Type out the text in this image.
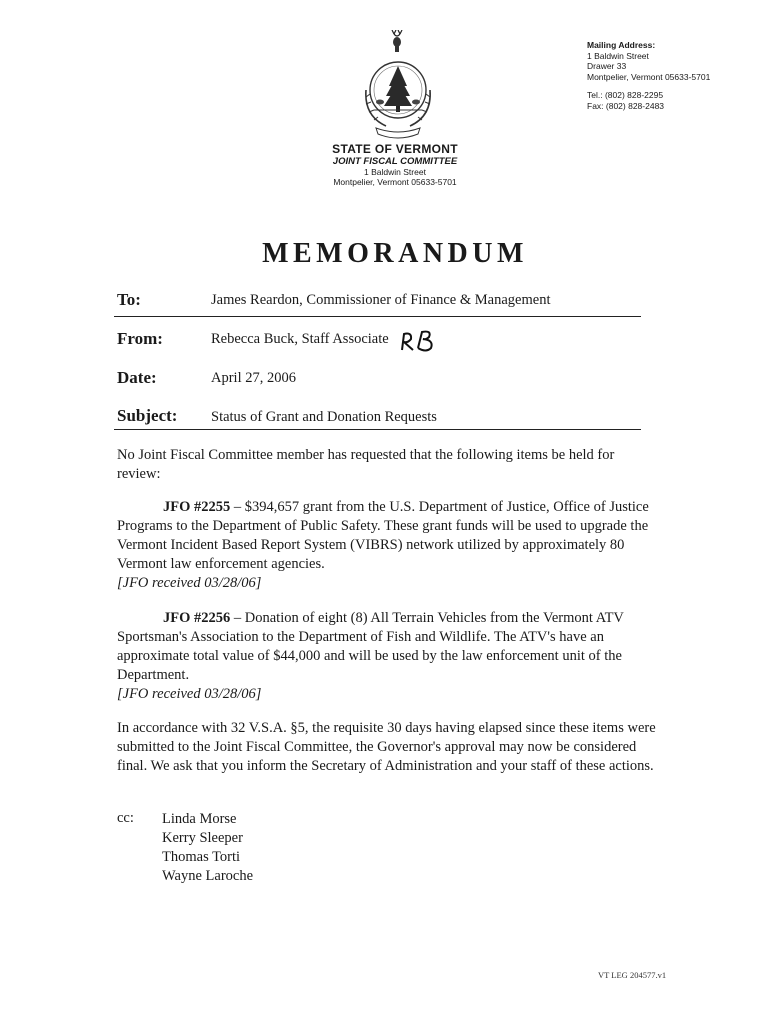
STATE OF VERMONT
JOINT FISCAL COMMITTEE
1 Baldwin Street
Montpelier, Vermont 05633-5701
Mailing Address:
1 Baldwin Street
Drawer 33
Montpelier, Vermont 05633-5701
Tel.: (802) 828-2295
Fax: (802) 828-2483
MEMORANDUM
To:	James Reardon, Commissioner of Finance & Management
From:	Rebecca Buck, Staff Associate
Date:	April 27, 2006
Subject: Status of Grant and Donation Requests

No Joint Fiscal Committee member has requested that the following items be held for review:

JFO #2255 – $394,657 grant from the U.S. Department of Justice, Office of Justice Programs to the Department of Public Safety. These grant funds will be used to upgrade the Vermont Incident Based Report System (VIBRS) network utilized by approximately 80 Vermont law enforcement agencies.

[JFO received 03/28/06]

JFO #2256 – Donation of eight (8) All Terrain Vehicles from the Vermont ATV Sportsman's Association to the Department of Fish and Wildlife. The ATV's have an approximate total value of $44,000 and will be used by the law enforcement unit of the Department.

[JFO received 03/28/06]

In accordance with 32 V.S.A. §5, the requisite 30 days having elapsed since these items were submitted to the Joint Fiscal Committee, the Governor's approval may now be considered final. We ask that you inform the Secretary of Administration and your staff of these actions.

cc: Linda Morse
Kerry Sleeper
Thomas Torti
Wayne Laroche
VT LEG 204577.v1
